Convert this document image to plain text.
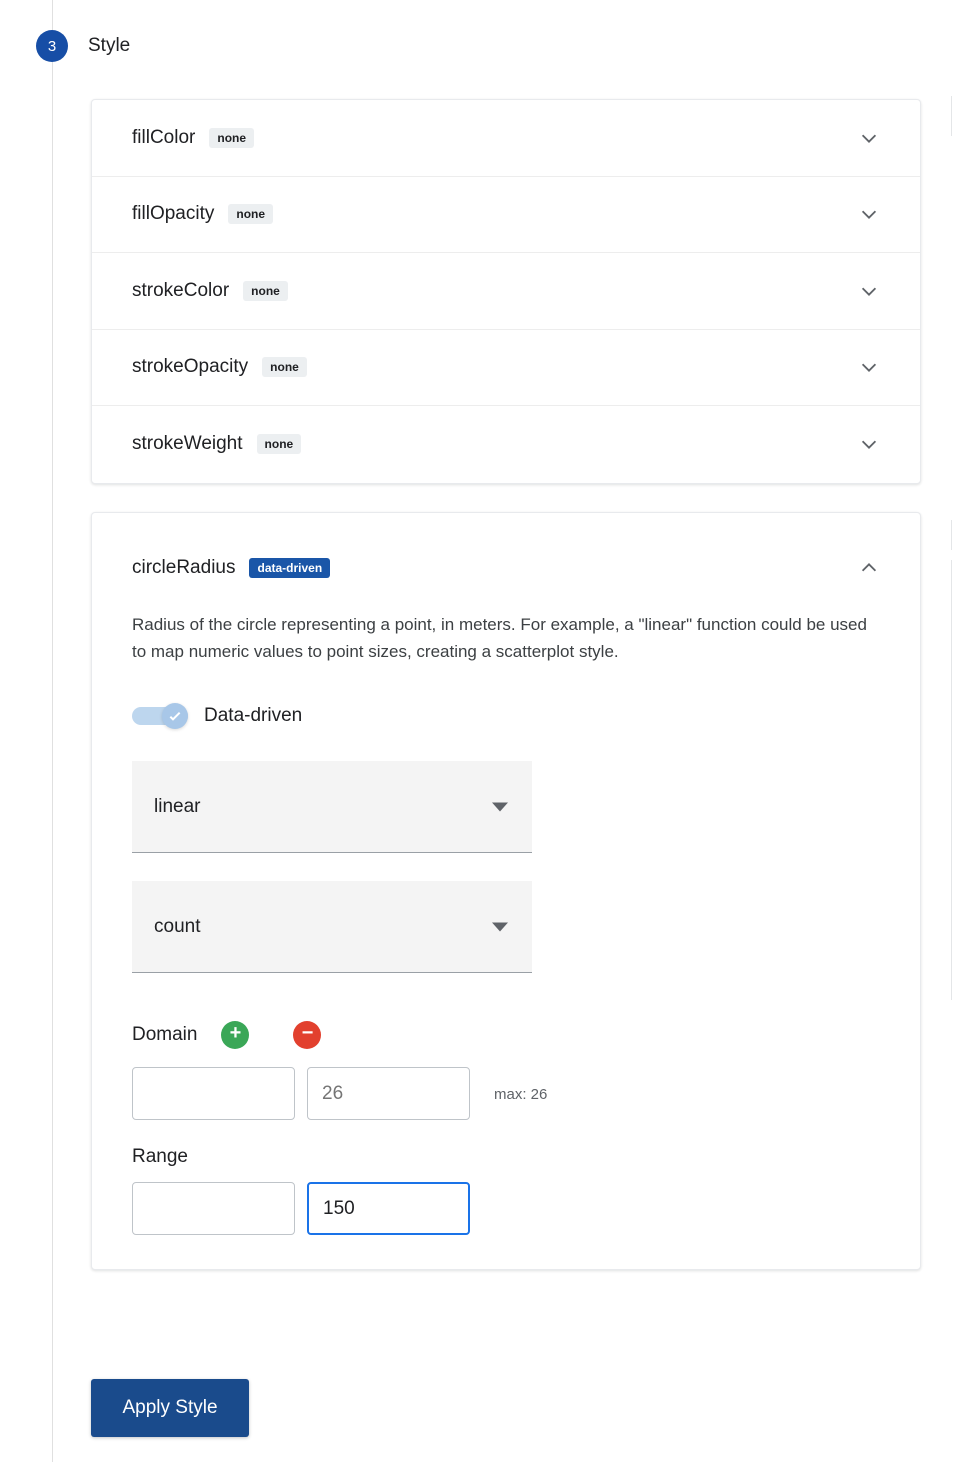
3	Style
fillColor	none
fillOpacity	none
strokeColor	none
strokeOpacity	none
strokeWeight	none
circleRadius	data-driven
Radius of the circle representing a point, in meters. For example, a "linear" function could be used to map numeric values to point sizes, creating a scatterplot style.
Data-driven
linear
count
Domain +	−
26
max: 26
Range
150
Apply Style
